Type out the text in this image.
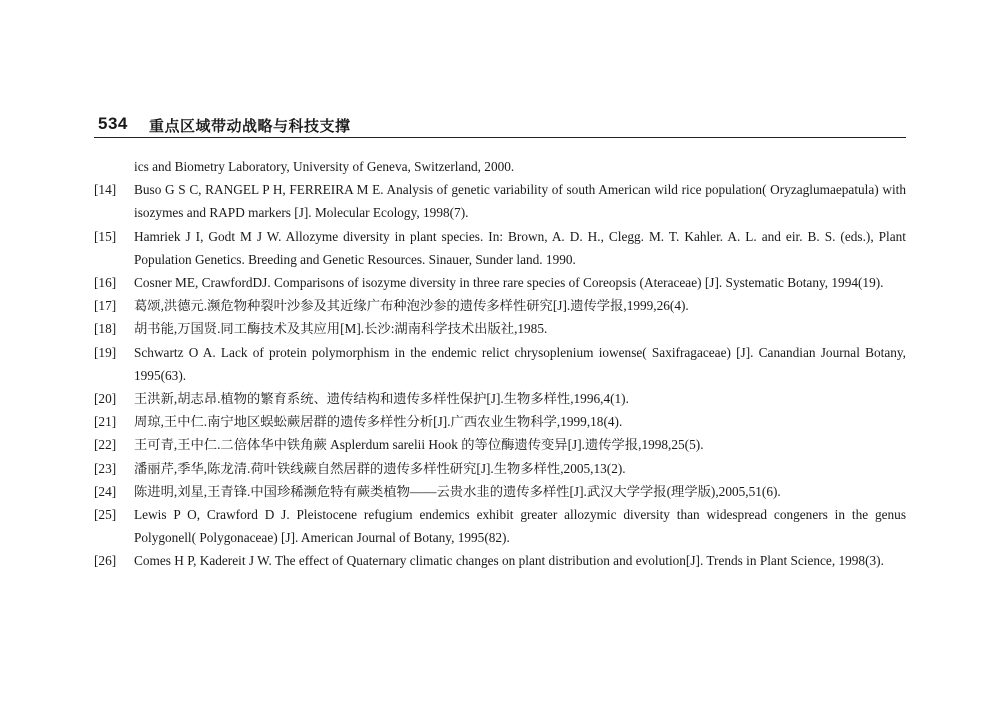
534 重点区域带动战略与科技支撑
ics and Biometry Laboratory, University of Geneva, Switzerland, 2000.
[14] Buso G S C, RANGEL P H, FERREIRA M E. Analysis of genetic variability of south American wild rice population( Oryzaglumaepatula) with isozymes and RAPD markers [J]. Molecular Ecology, 1998(7).
[15] Hamriek J I, Godt M J W. Allozyme diversity in plant species. In: Brown, A. D. H., Clegg. M. T. Kahler. A. L. and eir. B. S. (eds.), Plant Population Genetics. Breeding and Genetic Resources. Sinauer, Sunder land. 1990.
[16] Cosner ME, CrawfordDJ. Comparisons of isozyme diversity in three rare species of Coreopsis (Ateraceae) [J]. Systematic Botany, 1994(19).
[17] 葛颂,洪德元.濒危物种裂叶沙参及其近缘广布种泡沙参的遗传多样性研究[J].遗传学报,1999,26(4).
[18] 胡书能,万国贤.同工酶技术及其应用[M].长沙:湖南科学技术出版社,1985.
[19] Schwartz O A. Lack of protein polymorphism in the endemic relict chrysoplenium iowense( Saxifragaceae) [J]. Canandian Journal Botany, 1995(63).
[20] 王洪新,胡志昂.植物的繁育系统、遗传结构和遗传多样性保护[J].生物多样性,1996,4(1).
[21] 周琼,王中仁.南宁地区蜈蚣蕨居群的遗传多样性分析[J].广西农业生物科学,1999,18(4).
[22] 王可青,王中仁.二倍体华中铁角蕨 Asplerdum sarelii Hook 的等位酶遗传变异[J].遗传学报,1998,25(5).
[23] 潘丽芹,季华,陈龙清.荷叶铁线蕨自然居群的遗传多样性研究[J].生物多样性,2005,13(2).
[24] 陈进明,刘星,王青锋.中国珍稀濒危特有蕨类植物——云贵水韭的遗传多样性[J].武汉大学学报(理学版),2005,51(6).
[25] Lewis P O, Crawford D J. Pleistocene refugium endemics exhibit greater allozymic diversity than widespread congeners in the genus Polygonell( Polygonaceae) [J]. American Journal of Botany, 1995(82).
[26] Comes H P, Kadereit J W. The effect of Quaternary climatic changes on plant distribution and evolution[J]. Trends in Plant Science, 1998(3).
